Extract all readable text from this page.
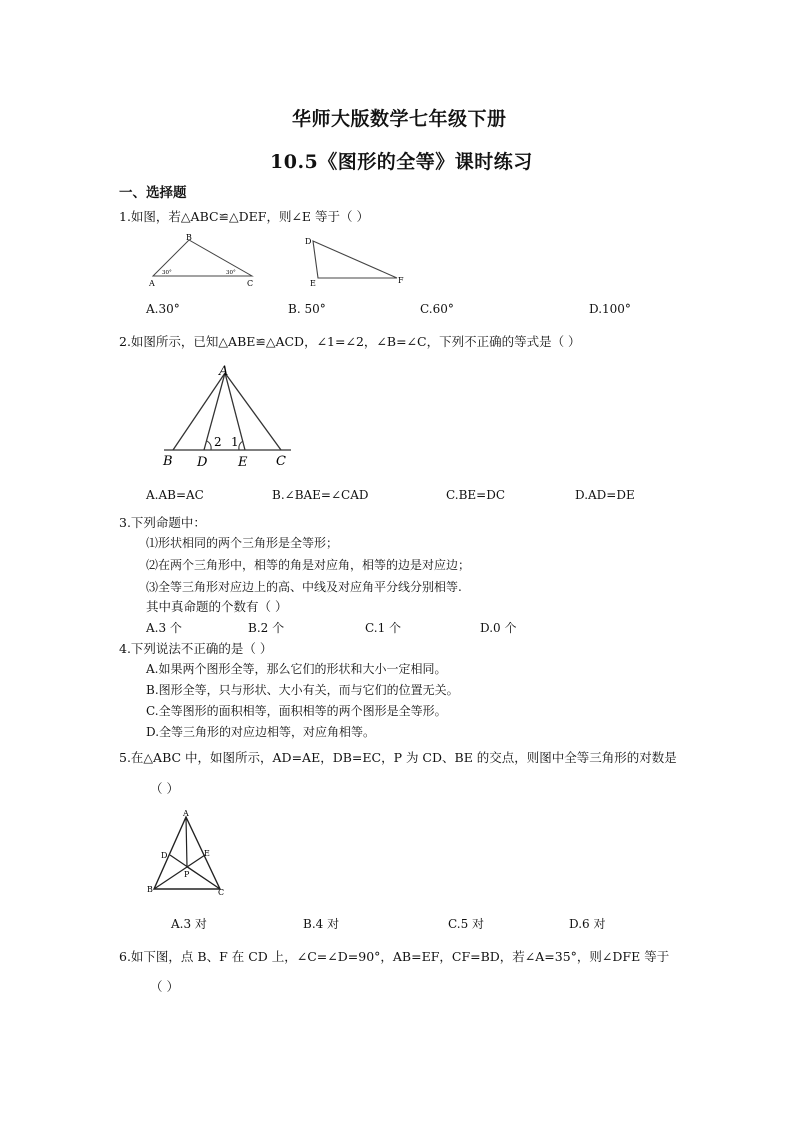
华师大版数学七年级下册
10.5《图形的全等》课时练习
一、选择题
1.如图，若△ABC≌△DEF，则∠E 等于（ ）
B
A	C
30°	30°
D
E	F
A.30°	B. 50°	C.60°	D.100°
2.如图所示，已知△ABE≌△ACD，∠1=∠2，∠B=∠C，下列不正确的等式是（ ）
A
B D E C
2 1
A.AB=AC	B.∠BAE=∠CAD	C.BE=DC	D.AD=DE
3.下列命题中：
⑴形状相同的两个三角形是全等形；
⑵在两个三角形中，相等的角是对应角，相等的边是对应边；
⑶全等三角形对应边上的高、中线及对应角平分线分别相等.
其中真命题的个数有（ ）
A.3 个	B.2 个	C.1 个	D.0 个
4.下列说法不正确的是（ ）
A.如果两个图形全等，那么它们的形状和大小一定相同。
B.图形全等，只与形状、大小有关，而与它们的位置无关。
C.全等图形的面积相等，面积相等的两个图形是全等形。
D.全等三角形的对应边相等，对应角相等。
5.在△ABC 中，如图所示，AD=AE，DB=EC，P 为 CD、BE 的交点，则图中全等三角形的对数是
（ ）
A
D	E
P
B	C
A.3 对	B.4 对	C.5 对	D.6 对
6.如下图，点 B、F 在 CD 上，∠C=∠D=90°，AB=EF，CF=BD，若∠A=35°，则∠DFE 等于
（ ）
